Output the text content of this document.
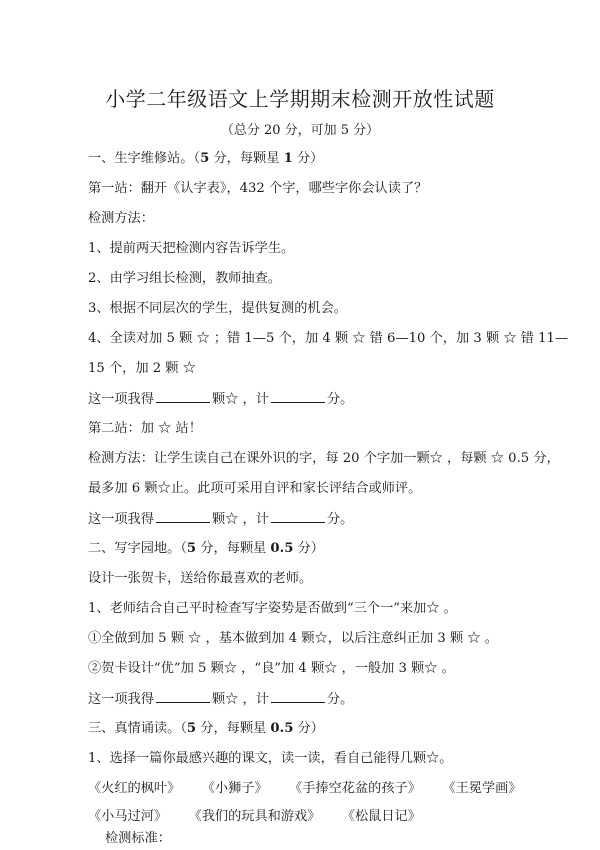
小学二年级语文上学期期末检测开放性试题
（总分 20 分，可加 5 分）
一、生字维修站。（5 分，每颗星 1 分）
第一站：翻开《认字表》，432 个字，哪些字你会认读了？
检测方法：
1、提前两天把检测内容告诉学生。
2、由学习组长检测，教师抽查。
3、根据不同层次的学生，提供复测的机会。
4、全读对加 5 颗 ☆ ；错 1—5 个，加 4 颗 ☆ 错 6—10 个，加 3 颗 ☆ 错 11—
15 个，加 2 颗 ☆
这一项我得	颗☆ ，计	分。
第二站：加 ☆ 站！
检测方法：让学生读自己在课外识的字，每 20 个字加一颗☆ ，每颗 ☆ 0.5 分，
最多加 6 颗☆止。此项可采用自评和家长评结合或师评。
这一项我得	颗☆ ，计	分。
二、写字园地。（5 分，每颗星 0.5 分）
设计一张贺卡，送给你最喜欢的老师。
1、老师结合自己平时检查写字姿势是否做到“三个一”来加☆ 。
①全做到加 5 颗 ☆ ，基本做到加 4 颗☆，以后注意纠正加 3 颗 ☆ 。
②贺卡设计“优”加 5 颗☆ ，“良”加 4 颗☆ ，一般加 3 颗☆ 。
这一项我得	颗☆ ，计	分。
三、真情诵读。（5 分，每颗星 0.5 分）
1、选择一篇你最感兴趣的课文，读一读，看自己能得几颗☆。
《火红的枫叶》 《小狮子》 《手捧空花盆的孩子》 《王冕学画》
《小马过河》 《我们的玩具和游戏》 《松鼠日记》
检测标准：
